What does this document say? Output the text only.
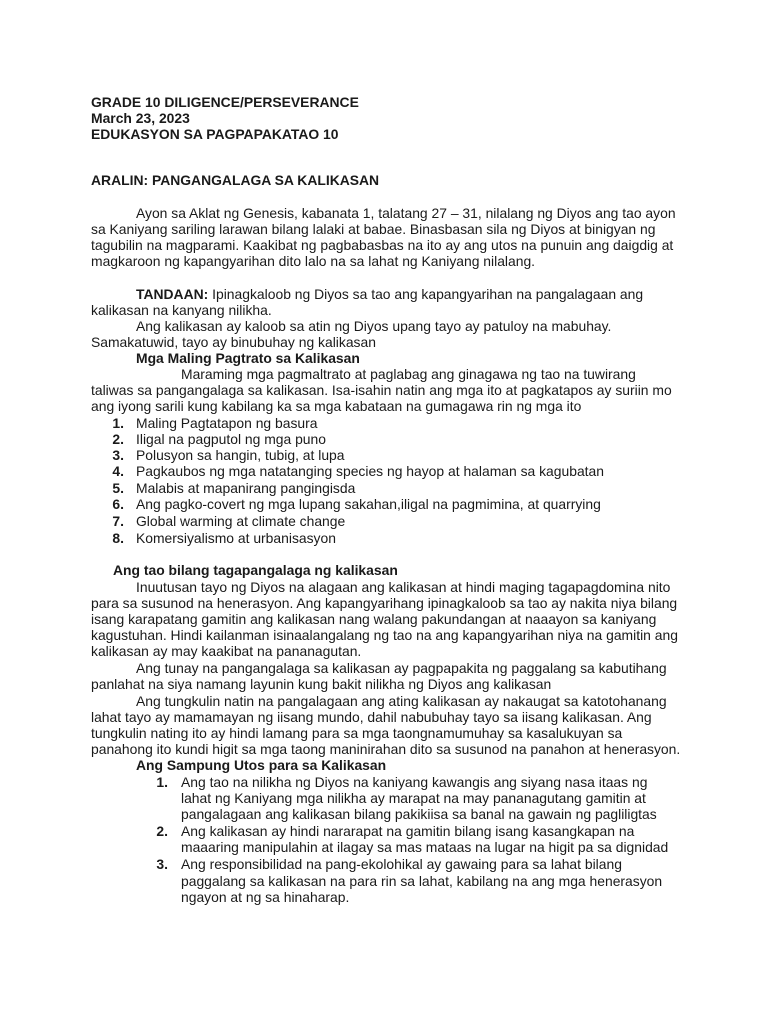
GRADE 10 DILIGENCE/PERSEVERANCE
March 23, 2023
EDUKASYON SA PAGPAPAKATAO 10
ARALIN: PANGANGALAGA SA KALIKASAN
Ayon sa Aklat ng Genesis, kabanata 1, talatang 27 – 31, nilalang ng Diyos ang tao ayon
sa Kaniyang sariling larawan bilang lalaki at babae. Binasbasan sila ng Diyos at binigyan ng
tagubilin na magparami. Kaakibat ng pagbabasbas na ito ay ang utos na punuin ang daigdig at
magkaroon ng kapangyarihan dito lalo na sa lahat ng Kaniyang nilalang.
TANDAAN: Ipinagkaloob ng Diyos sa tao ang kapangyarihan na pangalagaan ang
kalikasan na kanyang nilikha.
Ang kalikasan ay kaloob sa atin ng Diyos upang tayo ay patuloy na mabuhay.
Samakatuwid, tayo ay binubuhay ng kalikasan
Mga Maling Pagtrato sa Kalikasan
Maraming mga pagmaltrato at paglabag ang ginagawa ng tao na tuwirang
taliwas sa pangangalaga sa kalikasan. Isa-isahin natin ang mga ito at pagkatapos ay suriin mo
ang iyong sarili kung kabilang ka sa mga kabataan na gumagawa rin ng mga ito
1. Maling Pagtatapon ng basura
2. Iligal na pagputol ng mga puno
3. Polusyon sa hangin, tubig, at lupa
4. Pagkaubos ng mga natatanging species ng hayop at halaman sa kagubatan
5. Malabis at mapanirang pangingisda
6. Ang pagko-covert ng mga lupang sakahan,iligal na pagmimina, at quarrying
7. Global warming at climate change
8. Komersiyalismo at urbanisasyon
Ang tao bilang tagapangalaga ng kalikasan
Inuutusan tayo ng Diyos na alagaan ang kalikasan at hindi maging tagapagdomina nito
para sa susunod na henerasyon. Ang kapangyarihang ipinagkaloob sa tao ay nakita niya bilang
isang karapatang gamitin ang kalikasan nang walang pakundangan at naaayon sa kaniyang
kagustuhan. Hindi kailanman isinaalangalang ng tao na ang kapangyarihan niya na gamitin ang
kalikasan ay may kaakibat na pananagutan.
Ang tunay na pangangalaga sa kalikasan ay pagpapakita ng paggalang sa kabutihang
panlahat na siya namang layunin kung bakit nilikha ng Diyos ang kalikasan
Ang tungkulin natin na pangalagaan ang ating kalikasan ay nakaugat sa katotohanang
lahat tayo ay mamamayan ng iisang mundo, dahil nabubuhay tayo sa iisang kalikasan. Ang
tungkulin nating ito ay hindi lamang para sa mga taongnamumuhay sa kasalukuyan sa
panahong ito kundi higit sa mga taong maninirahan dito sa susunod na panahon at henerasyon.
Ang Sampung Utos para sa Kalikasan
1. Ang tao na nilikha ng Diyos na kaniyang kawangis ang siyang nasa itaas ng
lahat ng Kaniyang mga nilikha ay marapat na may pananagutang gamitin at
pangalagaan ang kalikasan bilang pakikiisa sa banal na gawain ng pagliligtas
2. Ang kalikasan ay hindi nararapat na gamitin bilang isang kasangkapan na
maaaring manipulahin at ilagay sa mas mataas na lugar na higit pa sa dignidad
3. Ang responsibilidad na pang-ekolohikal ay gawaing para sa lahat bilang
paggalang sa kalikasan na para rin sa lahat, kabilang na ang mga henerasyon
ngayon at ng sa hinaharap.
